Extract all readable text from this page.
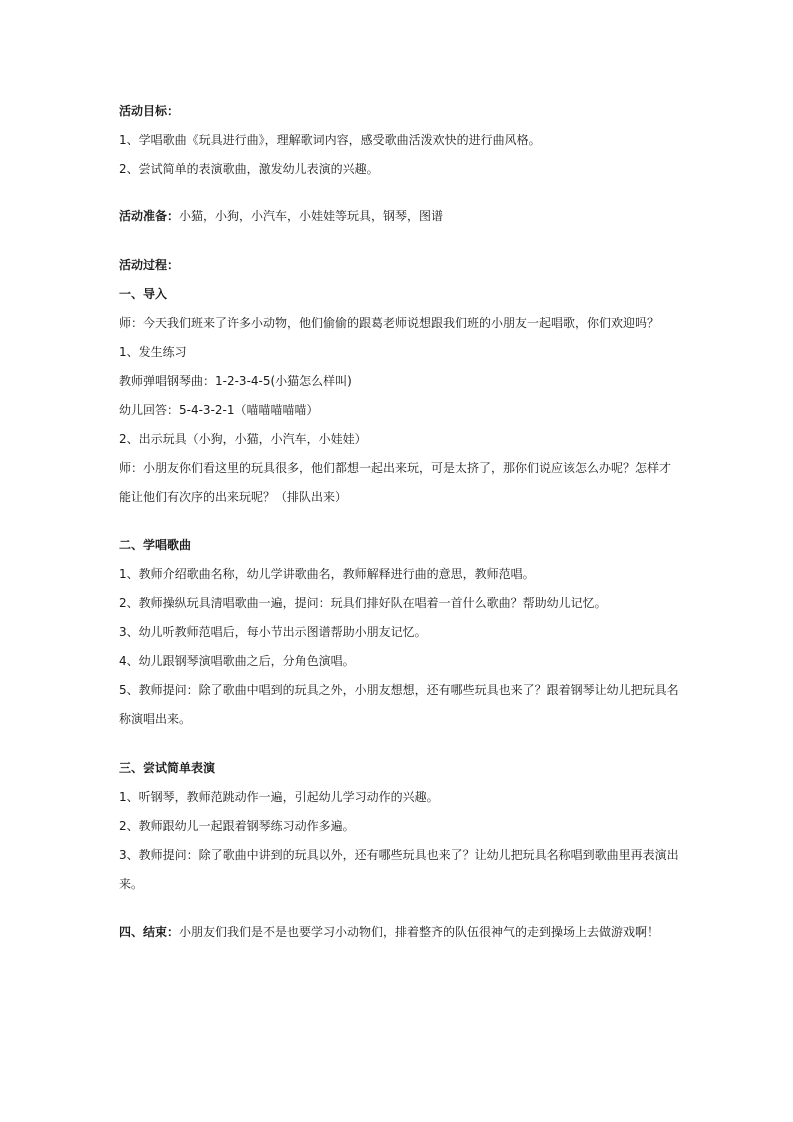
活动目标：
1、学唱歌曲《玩具进行曲》，理解歌词内容，感受歌曲活泼欢快的进行曲风格。
2、尝试简单的表演歌曲，激发幼儿表演的兴趣。
活动准备：小猫，小狗，小汽车，小娃娃等玩具，钢琴，图谱
活动过程：
一、导入
师：今天我们班来了许多小动物，他们偷偷的跟葛老师说想跟我们班的小朋友一起唱歌，你们欢迎吗？
1、发生练习
教师弹唱钢琴曲：1-2-3-4-5(小猫怎么样叫)
幼儿回答：5-4-3-2-1（喵喵喵喵喵）
2、出示玩具（小狗，小猫，小汽车，小娃娃）
师：小朋友你们看这里的玩具很多，他们都想一起出来玩，可是太挤了，那你们说应该怎么办呢？怎样才
能让他们有次序的出来玩呢？（排队出来）
二、学唱歌曲
1、教师介绍歌曲名称，幼儿学讲歌曲名，教师解释进行曲的意思，教师范唱。
2、教师操纵玩具清唱歌曲一遍，提问：玩具们排好队在唱着一首什么歌曲？帮助幼儿记忆。
3、幼儿听教师范唱后，每小节出示图谱帮助小朋友记忆。
4、幼儿跟钢琴演唱歌曲之后，分角色演唱。
5、教师提问：除了歌曲中唱到的玩具之外，小朋友想想，还有哪些玩具也来了？跟着钢琴让幼儿把玩具名
称演唱出来。
三、尝试简单表演
1、听钢琴，教师范跳动作一遍，引起幼儿学习动作的兴趣。
2、教师跟幼儿一起跟着钢琴练习动作多遍。
3、教师提问：除了歌曲中讲到的玩具以外，还有哪些玩具也来了？让幼儿把玩具名称唱到歌曲里再表演出
来。
四、结束：小朋友们我们是不是也要学习小动物们，排着整齐的队伍很神气的走到操场上去做游戏啊！
